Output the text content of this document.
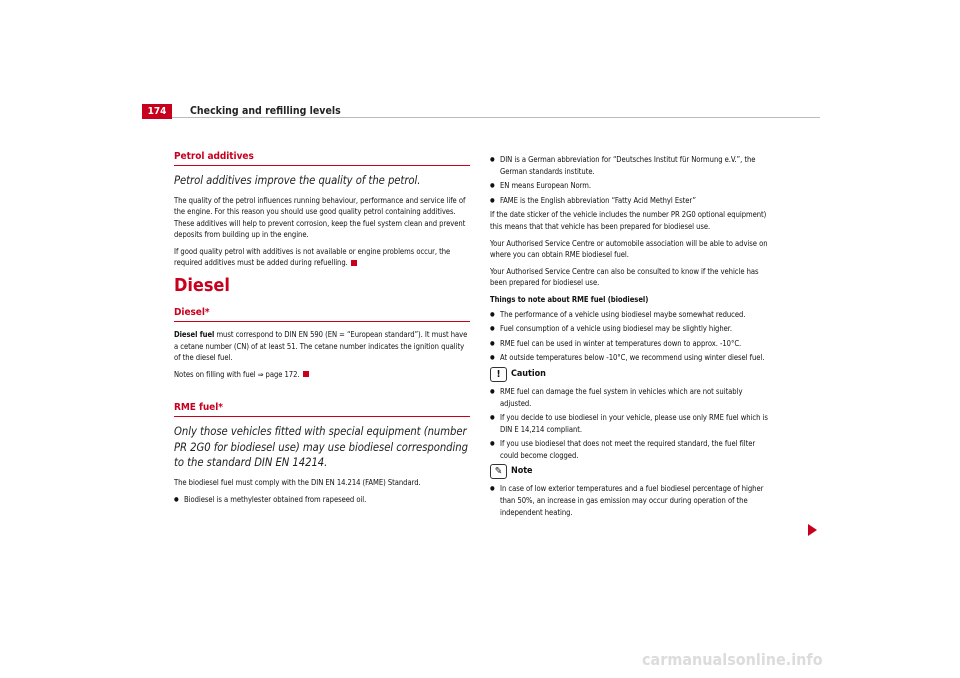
174	Checking and refilling levels
Petrol additives
Petrol additives improve the quality of the petrol.

The quality of the petrol influences running behaviour, performance and service life of the engine. For this reason you should use good quality petrol containing additives. These additives will help to prevent corrosion, keep the fuel system clean and prevent deposits from building up in the engine.

If good quality petrol with additives is not available or engine problems occur, the required additives must be added during refuelling.

Diesel
Diesel*

Diesel fuel must correspond to DIN EN 590 (EN = “European standard”). It must have a cetane number (CN) of at least 51. The cetane number indicates the ignition quality of the diesel fuel.

Notes on filling with fuel ⇒ page 172.

RME fuel*
Only those vehicles fitted with special equipment (number PR 2G0 for biodiesel use) may use biodiesel corresponding to the standard DIN EN 14214.

The biodiesel fuel must comply with the DIN EN 14.214 (FAME) Standard.

● Biodiesel is a methylester obtained from rapeseed oil.
● DIN is a German abbreviation for “Deutsches Institut für Normung e.V.”, the German standards institute.
● EN means European Norm.
● FAME is the English abbreviation “Fatty Acid Methyl Ester”

If the date sticker of the vehicle includes the number PR 2G0 optional equipment) this means that that vehicle has been prepared for biodiesel use.

Your Authorised Service Centre or automobile association will be able to advise on where you can obtain RME biodiesel fuel.

Your Authorised Service Centre can also be consulted to know if the vehicle has been prepared for biodiesel use.

Things to note about RME fuel (biodiesel)
● The performance of a vehicle using biodiesel maybe somewhat reduced.
● Fuel consumption of a vehicle using biodiesel may be slightly higher.
● RME fuel can be used in winter at temperatures down to approx. -10°C.
● At outside temperatures below -10°C, we recommend using winter diesel fuel.
!	Caution
● RME fuel can damage the fuel system in vehicles which are not suitably adjusted.
● If you decide to use biodiesel in your vehicle, please use only RME fuel which is DIN E 14,214 compliant.
● If you use biodiesel that does not meet the required standard, the fuel filter could become clogged.
✎ Note
● In case of low exterior temperatures and a fuel biodiesel percentage of higher than 50%, an increase in gas emission may occur during operation of the independent heating.
carmanualsonline.info
